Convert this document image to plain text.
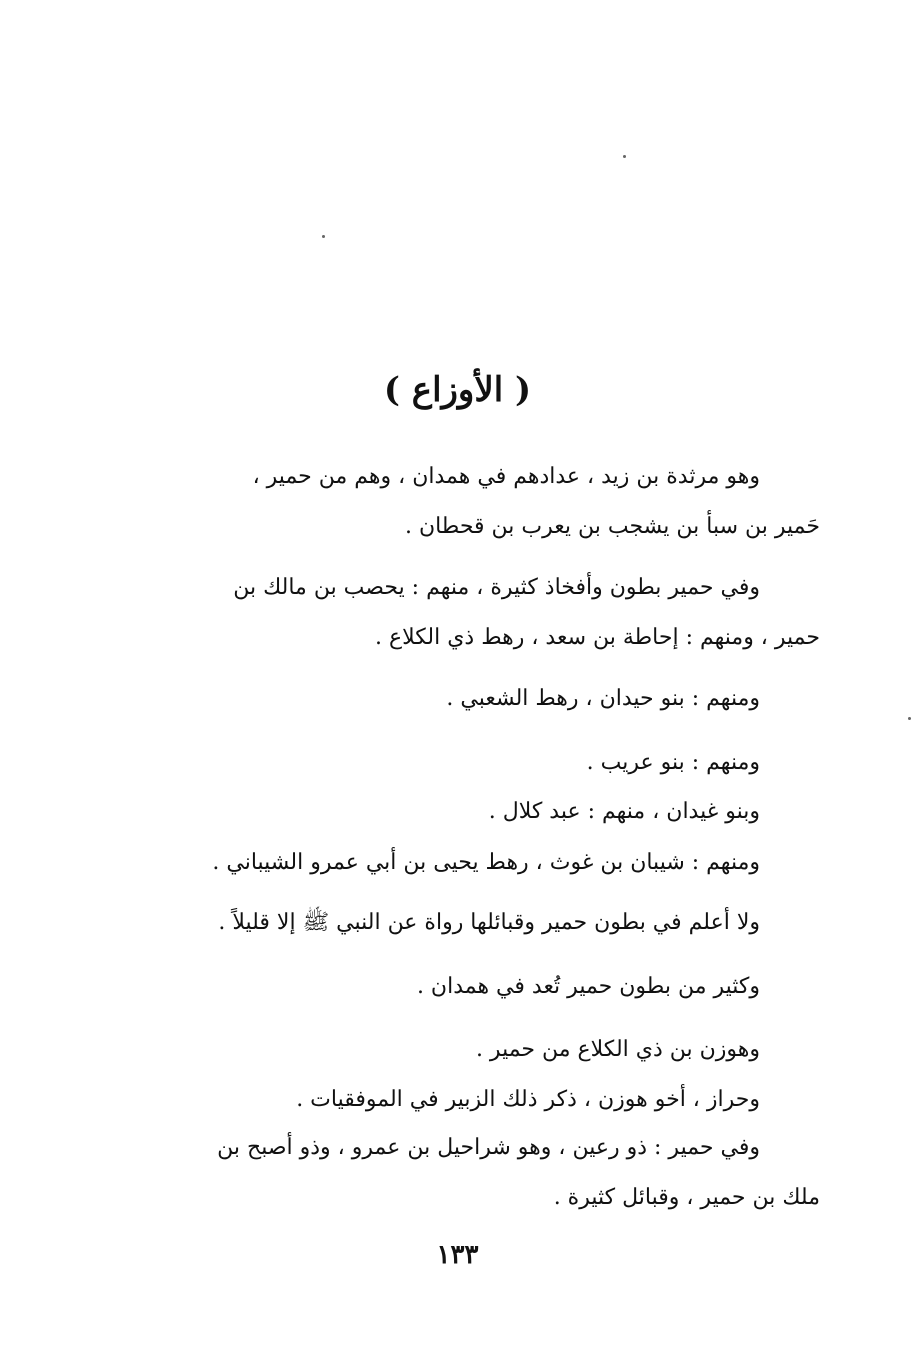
( الأوزاع )
وهو مرثدة بن زيد ، عدادهم في همدان ، وهم من حمير ،
حَمير بن سبأ بن يشجب بن يعرب بن قحطان .
وفي حمير بطون وأفخاذ كثيرة ، منهم : يحصب بن مالك بن
حمير ، ومنهم : إحاطة بن سعد ، رهط ذي الكلاع .
ومنهم : بنو حيدان ، رهط الشعبي .
ومنهم : بنو عريب .
وبنو غيدان ، منهم : عبد كلال .
ومنهم : شيبان بن غوث ، رهط يحيى بن أبي عمرو الشيباني .
ولا أعلم في بطون حمير وقبائلها رواة عن النبي ﷺ إلا قليلاً .
وكثير من بطون حمير تُعد في همدان .
وهوزن بن ذي الكلاع من حمير .
وحراز ، أخو هوزن ، ذكر ذلك الزبير في الموفقيات .
وفي حمير : ذو رعين ، وهو شراحيل بن عمرو ، وذو أصبح بن
ملك بن حمير ، وقبائل كثيرة .
١٣٣
